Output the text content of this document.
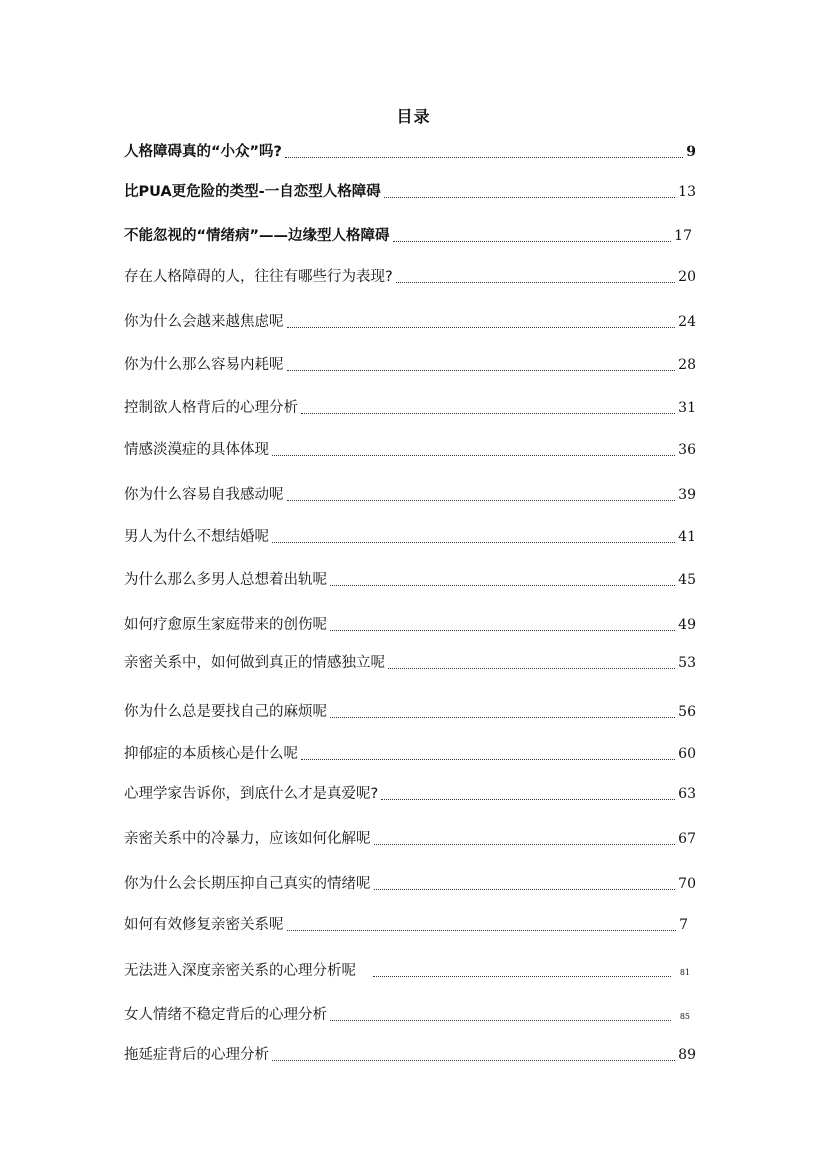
目录
人格障碍真的“小众”吗?	9
比PUA更危险的类型-一自恋型人格障碍	13
不能忽视的“情绪病”——边缘型人格障碍	17
存在人格障碍的人，往往有哪些行为表现?	20
你为什么会越来越焦虑呢	24
你为什么那么容易内耗呢	28
控制欲人格背后的心理分析	31
情感淡漠症的具体体现	36
你为什么容易自我感动呢	39
男人为什么不想结婚呢	41
为什么那么多男人总想着出轨呢	45
如何疗愈原生家庭带来的创伤呢	49
亲密关系中，如何做到真正的情感独立呢	53
你为什么总是要找自己的麻烦呢	56
抑郁症的本质核心是什么呢	60
心理学家告诉你，到底什么才是真爱呢?	63
亲密关系中的冷暴力，应该如何化解呢	67
你为什么会长期压抑自己真实的情绪呢	70
如何有效修复亲密关系呢	7
无法进入深度亲密关系的心理分析呢	81
女人情绪不稳定背后的心理分析	85
拖延症背后的心理分析	89
